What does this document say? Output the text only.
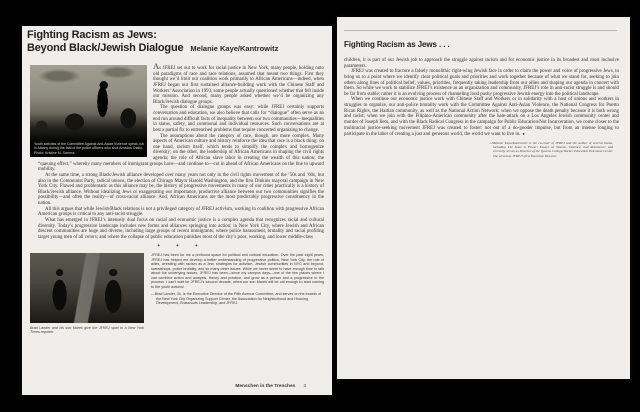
Fighting Racism as Jews:
Beyond Black/Jewish Dialogue Melanie Kaye/Kantrowitz
Youth activists of the Committee Against Anti-Asian Violence speak out in Albany during the trial of the police officers who shot Amadou Diallo. Photo: Kristine M. Samms

As JFREJ set out to work for racial justice in New York, many people, holding onto old paradigms of race and race relations, assumed that meant two things. First they thought we’d limit our coalition work primarily to African Americans—indeed, when JFREJ began our first sustained alliance-building work with the Chinese Staff and Workers’ Association in 1993, some people actually questioned whether that fell inside our mission. And second, many people asked whether we’d be organizing any Black/Jewish dialogue groups.

The question of dialogue groups was easy: while JFREJ certainly supports conversation and education, we also believe that calls for “dialogue” often serve as an end run around difficult facts of inequality between our two communities—inequalities in status, safety, and communal and individual resources. Such conversations are at best a partial fix to entrenched problems that require concerted organizing to change.

The assumptions about the category of race, though, are more complex. Many aspects of American culture and history reinforce the idea that race is a black thing: on one hand, racism itself, which tends to simplify the complex and homogenize diversity; on the other, the leadership of African Americans in shaping the civil rights agenda; the role of African slave labor in creating the wealth of this nation; the “queuing effect,” whereby many members of immigrant groups have—and continue to—cut in ahead of African Americans on the line to upward mobility.

At the same time, a strong Black/Jewish alliance developed over many years not only in the civil rights movement of the ’50s and ’60s, but also in the Communist Party, radical unions, the election of Chicago Mayor Harold Washington, and the first Dinkins mayoral campaign in New York City. Flawed and problematic as this alliance may be, the history of progressive movements in many of our cities practically is a history of Black/Jewish alliance. Without idealizing Jews or exaggerating our importance, productive alliance between our two communities signifies the possibility—and often the reality—of cross-racial alliance. And, African Americans are the most predictably progressive constituency in the nation.

All this argues that while Jewish/Black relations is not a privileged category of JFREJ activism, working in coalition with progressive African American groups is critical to any anti-racist struggle.

What has emerged in JFREJ’s intensely dual focus on racial and economic justice is a complex agenda that recognizes racial and cultural diversity. Today’s progressive landscape includes new forms and alliances springing into action; in New York City, where Jewish and African descent communities are huge and diverse, including large groups of recent immigrants; where police harassment, brutality and racial profiling target young men of all colors; and where the collapse of public education punishes most of the city’s poor, working, and lower middle-class

✦ ✦ ✦
Brad Lander and his son Marek give the JFREJ spiel to a New York Times reporter.
JFREJ has been for me a profound space for political and cultural education. Over the past eight years, JFREJ has helped me develop a better understanding of progressive politics, New York City, the role of allies, wrestling with racism as a Jew, strategies for activism, Jewish communities in NYC and beyond, sweatshops, police brutality, and so many other issues. While we never seem to have enough time to talk about the underlying issues, JFREJ has been—since my campus days—one of the few places where I can combine action and analysis, theory and practice, and grow as a person and a progressive in the process. I can’t wait for JFREJ’s second decade, when our son Marek will be old enough to start coming to the youth actions!
—Brad Lander, 31, is the Executive Director of the Fifth Avenue Committee, and serves on the boards of the New York City Organizing Support Center, the Association for Neighborhood and Housing Development, Grassroots Leadership, and JFREJ.
Menschen in the Trenches 3
Fighting Racism as Jews . . .

children, it is part of our Jewish job to approach the struggle against racism and for economic justice in its broadest and most inclusive parameters.

JFREJ was created to fracture a falsely monolithic right-wing Jewish face in order to claim the power and voice of progressive Jews, to bring us to a point where we identify clear political goals and priorities and work together because of what we stand for, seeking to join others along lines of political belief, values, priorities, frequently taking leadership from our allies and shaping our agenda in concert with them. So while we work to stabilize JFREJ’s existence as an organization and community, JFREJ’s role in anti-racist struggle is and should be far from stable; rather it is an evolving process of channeling loud pushy progressive Jewish energy into the political landscape.

When we continue our economic justice work with Chinese Staff and Workers or in solidarity with a host of unions and workers in struggles to organize, our anti-police brutality work with the Committee Against Anti-Asian Violence, the National Congress for Puerto Rican Rights, the Haitian community, as well as the National Action Network; when we oppose the death penalty because it is both wrong and racist; when we join with the Filipino-American community after the hate-attack on a Los Angeles Jewish community center and murder of Joseph Ileto, and with the Black Radical Congress in the campaign for Public Education/Not Incarceration, we come closer to the multiracial justice-seeking movement JFREJ was created to foster: not out of a do-gooder impulse, but from an intense longing to participate in the labor of creating a just and generous world, the world we want to live in. ●

—Melanie Kaye/Kantrowitz is the co-chair of JFREJ and the author of several books, including The Issue is Power: Essays on Women, Violence, and Resistance; and currently serves as Director of the Queens College/Worker Education Extension Center. She served as JFREJ’s first Executive Director.
